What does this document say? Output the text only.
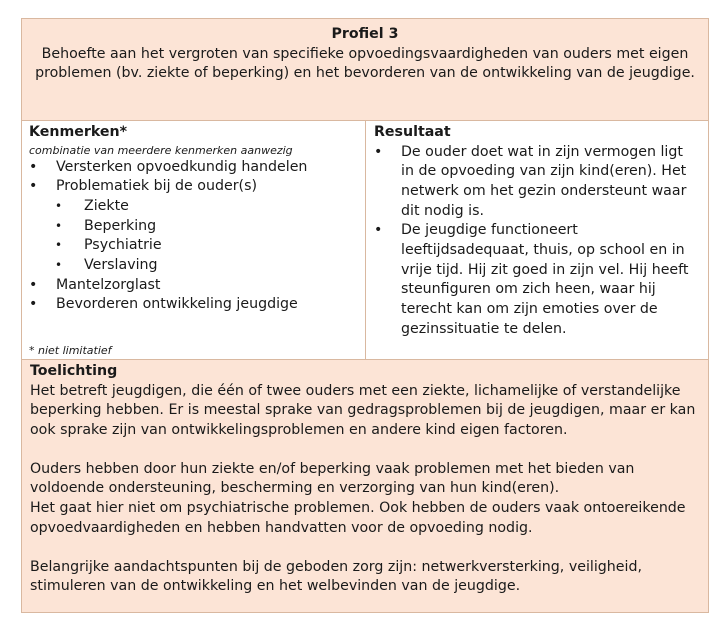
Profiel 3
Behoefte aan het vergroten van specifieke opvoedingsvaardigheden van ouders met eigen problemen (bv. ziekte of beperking) en het bevorderen van de ontwikkeling van de jeugdige.
Kenmerken*
combinatie van meerdere kenmerken aanwezig
•	Versterken opvoedkundig handelen
•	Problematiek bij de ouder(s)
•	Ziekte
•	Beperking
•	Psychiatrie
•	Verslaving
•	Mantelzorglast
•	Bevorderen ontwikkeling jeugdige
* niet limitatief
Resultaat
•	De ouder doet wat in zijn vermogen ligt in de opvoeding van zijn kind(eren). Het netwerk om het gezin ondersteunt waar dit nodig is.
•	De jeugdige functioneert leeftijdsadequaat, thuis, op school en in vrije tijd. Hij zit goed in zijn vel. Hij heeft steunfiguren om zich heen, waar hij terecht kan om zijn emoties over de gezinssituatie te delen.
Toelichting

Het betreft jeugdigen, die één of twee ouders met een ziekte, lichamelijke of verstandelijke beperking hebben. Er is meestal sprake van gedragsproblemen bij de jeugdigen, maar er kan ook sprake zijn van ontwikkelingsproblemen en andere kind eigen factoren.

Ouders hebben door hun ziekte en/of beperking vaak problemen met het bieden van voldoende ondersteuning, bescherming en verzorging van hun kind(eren).

Het gaat hier niet om psychiatrische problemen. Ook hebben de ouders vaak ontoereikende opvoedvaardigheden en hebben handvatten voor de opvoeding nodig.

Belangrijke aandachtspunten bij de geboden zorg zijn: netwerkversterking, veiligheid, stimuleren van de ontwikkeling en het welbevinden van de jeugdige.
